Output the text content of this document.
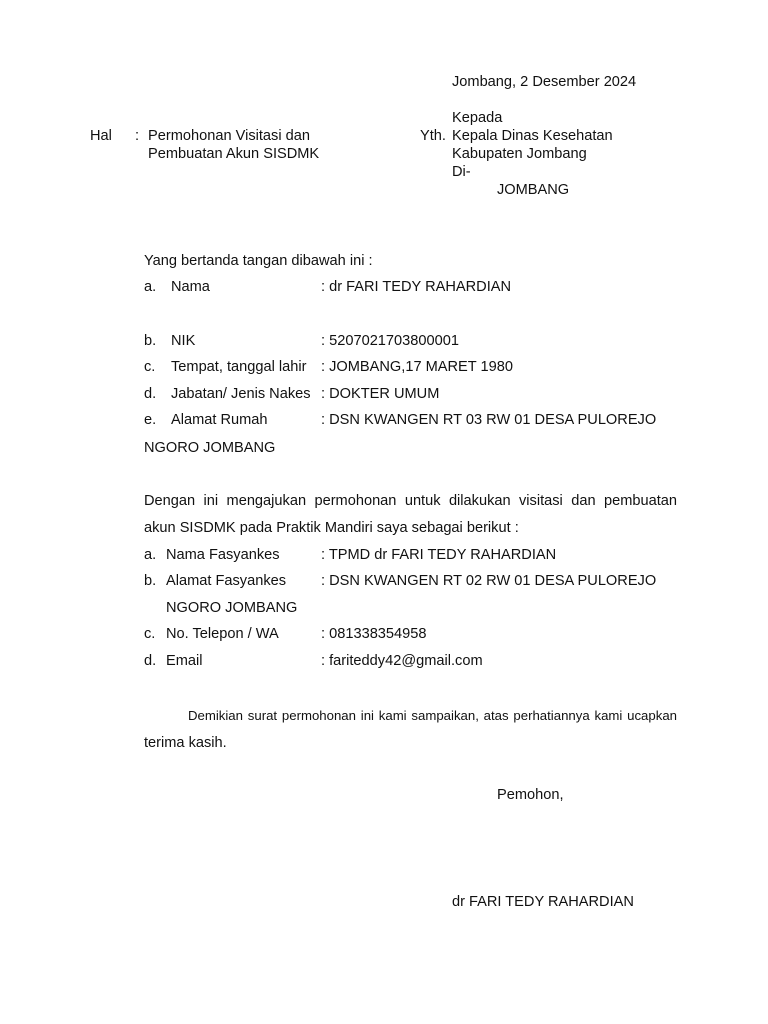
Jombang, 2 Desember 2024
Hal : Permohonan Visitasi dan
Pembuatan Akun SISDMK
Yth.
Kepada
Kepala Dinas Kesehatan
Kabupaten Jombang
Di-
JOMBANG
Yang bertanda tangan dibawah ini :
a. Nama	: dr FARI TEDY RAHARDIAN
b. NIK	: 5207021703800001
c. Tempat, tanggal lahir : JOMBANG,17 MARET 1980
d. Jabatan/ Jenis Nakes : DOKTER UMUM
e. Alamat Rumah	: DSN KWANGEN RT 03 RW 01 DESA PULOREJO
NGORO JOMBANG
Dengan ini mengajukan permohonan untuk dilakukan visitasi dan pembuatan akun SISDMK pada Praktik Mandiri saya sebagai berikut :
a. Nama Fasyankes	: TPMD dr FARI TEDY RAHARDIAN
b. Alamat Fasyankes : DSN KWANGEN RT 02 RW 01 DESA PULOREJO
NGORO JOMBANG
c. No. Telepon / WA	: 081338354958
d. Email	: fariteddy42@gmail.com
Demikian surat permohonan ini kami sampaikan, atas perhatiannya kami ucapkan terima kasih.
Pemohon,
dr FARI TEDY RAHARDIAN
